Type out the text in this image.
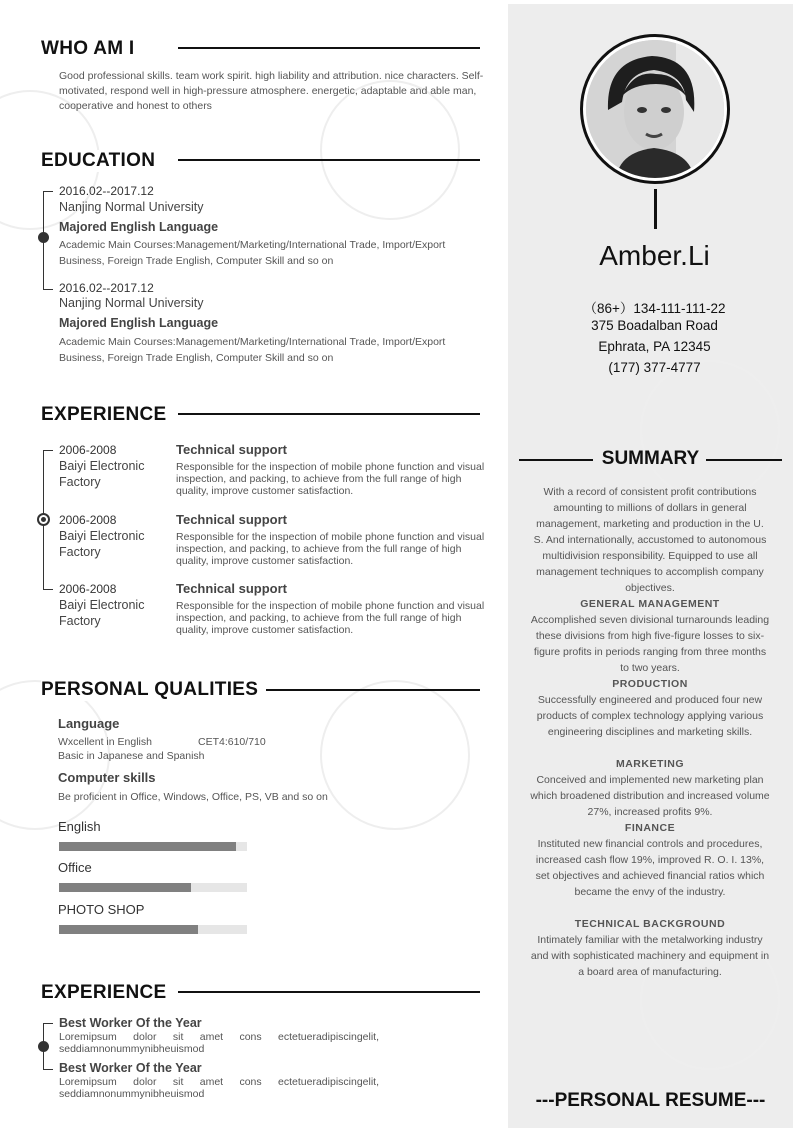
WHO AM I
Good professional skills. team work spirit. high liability and attribution. nice characters. Self-motivated, respond well in high-pressure atmosphere. energetic, adaptable and able man, cooperative and honest to others
EDUCATION
2016.02--2017.12
Nanjing Normal University
Majored English Language
Academic Main Courses:Management/Marketing/International Trade, Import/Export Business, Foreign Trade English, Computer Skill and so on
2016.02--2017.12
Nanjing Normal University
Majored English Language
Academic Main Courses:Management/Marketing/International Trade, Import/Export Business, Foreign Trade English, Computer Skill and so on
EXPERIENCE
2006-2008
Baiyi Electronic Factory
Technical support
Responsible for the inspection of mobile phone function and visual inspection, and packing, to achieve from the full range of high quality, improve customer satisfaction.
2006-2008
Baiyi Electronic Factory
Technical support
Responsible for the inspection of mobile phone function and visual inspection, and packing, to achieve from the full range of high quality, improve customer satisfaction.
2006-2008
Baiyi Electronic Factory
Technical support
Responsible for the inspection of mobile phone function and visual inspection, and packing, to achieve from the full range of high quality, improve customer satisfaction.
PERSONAL QUALITIES
Language
Wxcellent in English	CET4:610/710
Basic in Japanese and Spanish
Computer skills
Be proficient in Office, Windows, Office, PS, VB and so on
English
Office
PHOTO SHOP
EXPERIENCE
Best Worker Of the Year
Loremipsum dolor sit amet cons ectetueradipiscingelit, seddiamnonummynibheuismod
Best Worker Of the Year
Loremipsum dolor sit amet cons ectetueradipiscingelit, seddiamnonummynibheuismod
Amber.Li
（86+）134-111-111-22
375 Boadalban Road
Ephrata, PA 12345
(177) 377-4777
SUMMARY
With a record of consistent profit contributions amounting to millions of dollars in general management, marketing and production in the U. S. And internationally, accustomed to autonomous multidivision responsibility. Equipped to use all management techniques to accomplish company objectives.
GENERAL MANAGEMENT
Accomplished seven divisional turnarounds leading these divisions from high five-figure losses to six-figure profits in periods ranging from three months to two years.
PRODUCTION
Successfully engineered and produced four new products of complex technology applying various engineering disciplines and marketing skills.
MARKETING
Conceived and implemented new marketing plan which broadened distribution and increased volume 27%, increased profits 9%.
FINANCE
Instituted new financial controls and procedures, increased cash flow 19%, improved R. O. I. 13%, set objectives and achieved financial ratios which became the envy of the industry.
TECHNICAL BACKGROUND
Intimately familiar with the metalworking industry and with sophisticated machinery and equipment in a board area of manufacturing.
---PERSONAL RESUME---
